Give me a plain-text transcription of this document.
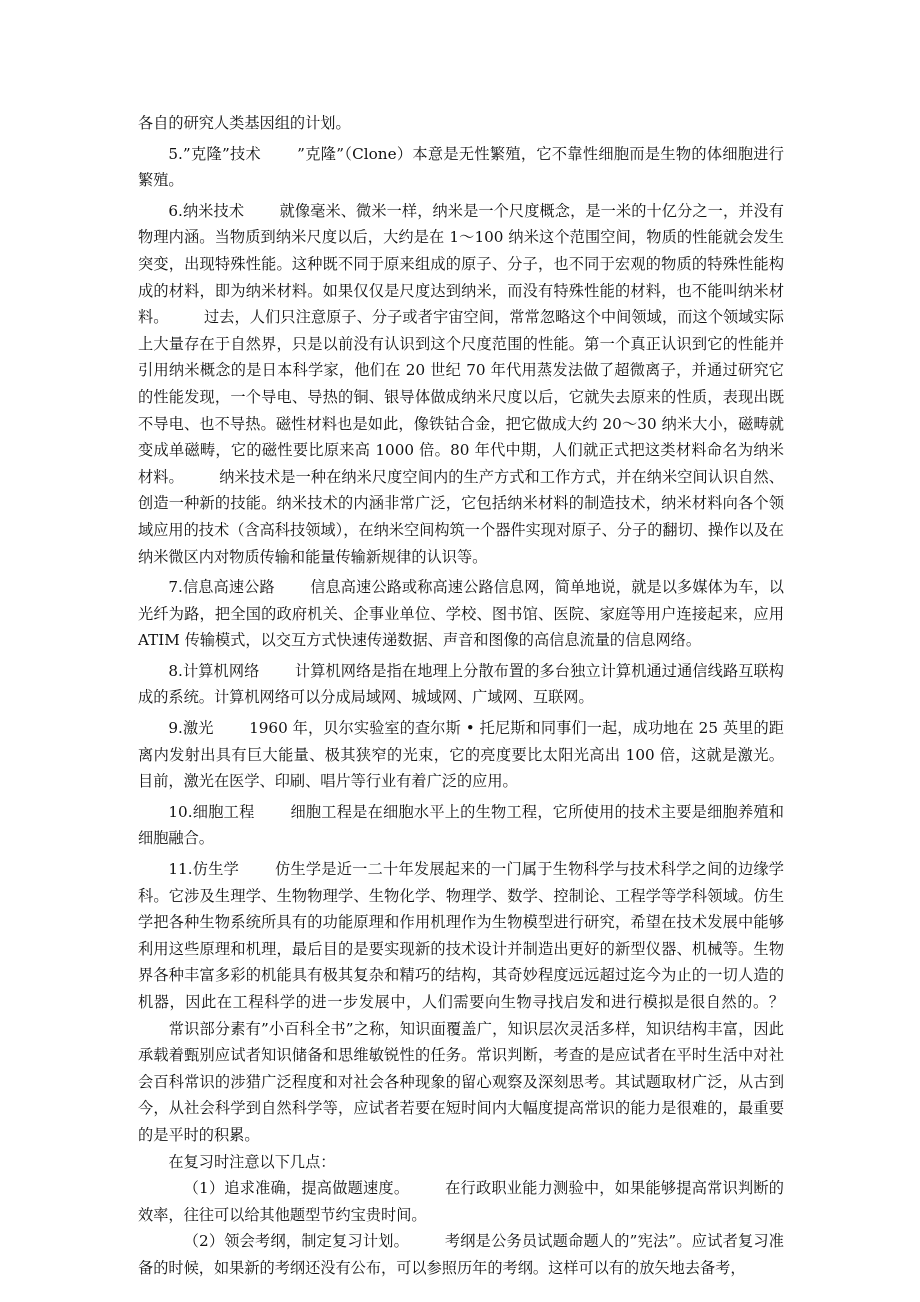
各自的研究人类基因组的计划。

5.”克隆”技术 　　”克隆”（Clone）本意是无性繁殖，它不靠性细胞而是生物的体细胞进行繁殖。

6.纳米技术 　　就像毫米、微米一样，纳米是一个尺度概念，是一米的十亿分之一，并没有物理内涵。当物质到纳米尺度以后，大约是在 1～100 纳米这个范围空间，物质的性能就会发生突变，出现特殊性能。这种既不同于原来组成的原子、分子，也不同于宏观的物质的特殊性能构成的材料，即为纳米材料。如果仅仅是尺度达到纳米，而没有特殊性能的材料，也不能叫纳米材料。 　　过去，人们只注意原子、分子或者宇宙空间，常常忽略这个中间领域，而这个领域实际上大量存在于自然界，只是以前没有认识到这个尺度范围的性能。第一个真正认识到它的性能并引用纳米概念的是日本科学家，他们在 20 世纪 70 年代用蒸发法做了超微离子，并通过研究它的性能发现，一个导电、导热的铜、银导体做成纳米尺度以后，它就失去原来的性质，表现出既不导电、也不导热。磁性材料也是如此，像铁钴合金，把它做成大约 20～30 纳米大小，磁畴就变成单磁畴，它的磁性要比原来高 1000 倍。80 年代中期，人们就正式把这类材料命名为纳米材料。 　　纳米技术是一种在纳米尺度空间内的生产方式和工作方式，并在纳米空间认识自然、创造一种新的技能。纳米技术的内涵非常广泛，它包括纳米材料的制造技术，纳米材料向各个领域应用的技术（含高科技领域），在纳米空间构筑一个器件实现对原子、分子的翻切、操作以及在纳米微区内对物质传输和能量传输新规律的认识等。

7.信息高速公路 　　信息高速公路或称高速公路信息网，简单地说，就是以多媒体为车，以光纤为路，把全国的政府机关、企事业单位、学校、图书馆、医院、家庭等用户连接起来，应用 ATIM 传输模式，以交互方式快速传递数据、声音和图像的高信息流量的信息网络。

8.计算机网络 　　计算机网络是指在地理上分散布置的多台独立计算机通过通信线路互联构成的系统。计算机网络可以分成局域网、城域网、广域网、互联网。

9.激光 　　1960 年，贝尔实验室的查尔斯 • 托尼斯和同事们一起，成功地在 25 英里的距离内发射出具有巨大能量、极其狭窄的光束，它的亮度要比太阳光高出 100 倍，这就是激光。目前，激光在医学、印刷、唱片等行业有着广泛的应用。

10.细胞工程 　　细胞工程是在细胞水平上的生物工程，它所使用的技术主要是细胞养殖和细胞融合。

11.仿生学 　　仿生学是近一二十年发展起来的一门属于生物科学与技术科学之间的边缘学科。它涉及生理学、生物物理学、生物化学、物理学、数学、控制论、工程学等学科领域。仿生学把各种生物系统所具有的功能原理和作用机理作为生物模型进行研究，希望在技术发展中能够利用这些原理和机理，最后目的是要实现新的技术设计并制造出更好的新型仪器、机械等。生物界各种丰富多彩的机能具有极其复杂和精巧的结构，其奇妙程度远远超过迄今为止的一切人造的机器，因此在工程科学的进一步发展中，人们需要向生物寻找启发和进行模拟是很自然的。？ 　　常识部分素有”小百科全书”之称，知识面覆盖广，知识层次灵活多样，知识结构丰富，因此承载着甄别应试者知识储备和思维敏锐性的任务。常识判断，考查的是应试者在平时生活中对社会百科常识的涉猎广泛程度和对社会各种现象的留心观察及深刻思考。其试题取材广泛，从古到今，从社会科学到自然科学等，应试者若要在短时间内大幅度提高常识的能力是很难的，最重要的是平时的积累。

在复习时注意以下几点：

（1）追求准确，提高做题速度。 　　在行政职业能力测验中，如果能够提高常识判断的效率，往往可以给其他题型节约宝贵时间。

（2）领会考纲，制定复习计划。 　　考纲是公务员试题命题人的”宪法”。应试者复习准备的时候，如果新的考纲还没有公布，可以参照历年的考纲。这样可以有的放矢地去备考，
